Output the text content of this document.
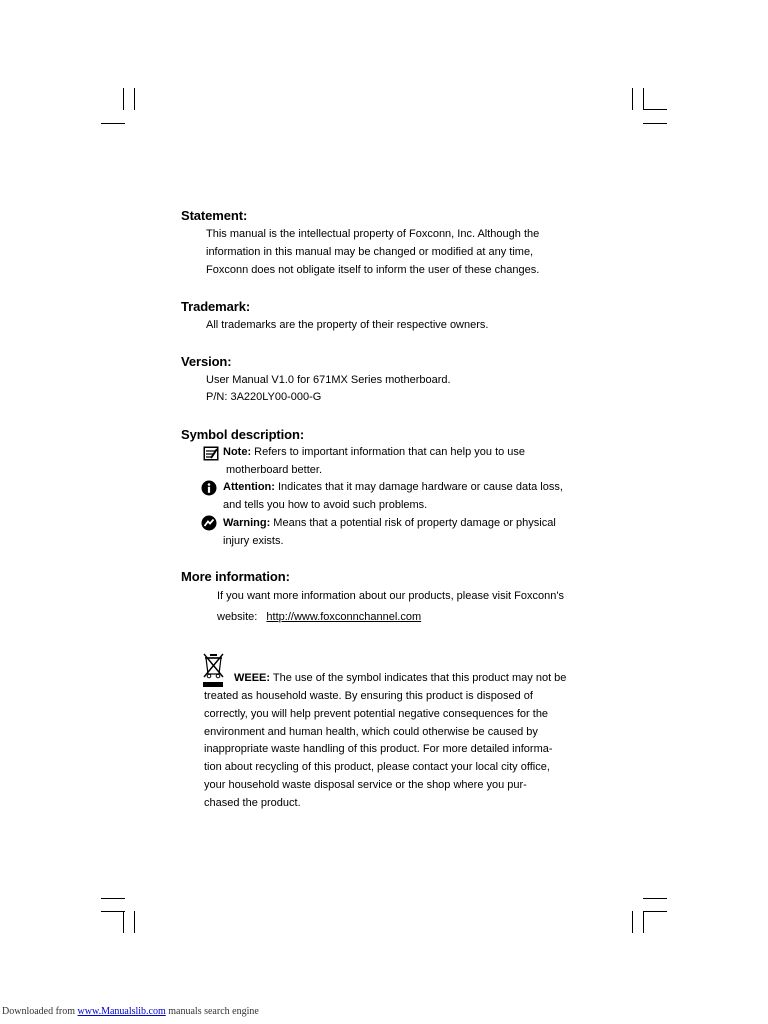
Statement:
This manual is the intellectual property of Foxconn, Inc. Although the
information in this manual may be changed or modified at any time,
Foxconn does not obligate itself to inform the user of these changes.
Trademark:
All trademarks are the property of their respective owners.
Version:
User Manual V1.0 for 671MX Series motherboard.
P/N: 3A220LY00-000-G
Symbol description:
Note: Refers to important information that can help you to use
motherboard better.
Attention: Indicates that it may damage hardware or cause data loss,
and tells you how to avoid such problems.
Warning: Means that a potential risk of property damage or physical
injury exists.
More information:
If you want more information about our products, please visit Foxconn's
website: http://www.foxconnchannel.com
WEEE: The use of the symbol indicates that this product may not be
treated as household waste. By ensuring this product is disposed of
correctly, you will help prevent potential negative consequences for the
environment and human health, which could otherwise be caused by
inappropriate waste handling of this product. For more detailed informa-
tion about recycling of this product, please contact your local city office,
your household waste disposal service or the shop where you pur-
chased the product.
Downloaded from www.Manualslib.com manuals search engine
